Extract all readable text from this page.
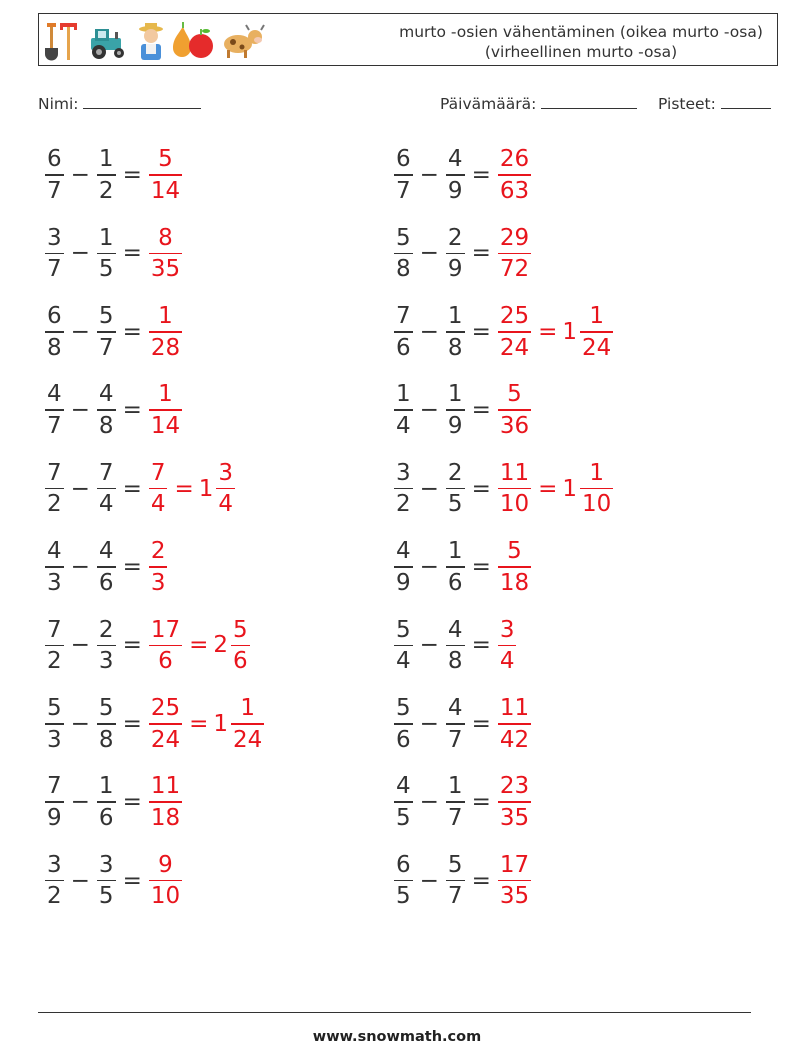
murto -osien vähentäminen (oikea murto -osa) (virheellinen murto -osa)
Nimi:	Päivämäärä:	Pisteet:
$\frac{6}{7} - \frac{1}{2} = \frac{5}{14}$
$\frac{3}{7} - \frac{1}{5} = \frac{8}{35}$
$\frac{6}{8} - \frac{5}{7} = \frac{1}{28}$
$\frac{4}{7} - \frac{4}{8} = \frac{1}{14}$
$\frac{7}{2} - \frac{7}{4} = \frac{7}{4} = 1 \frac{3}{4}$
$\frac{4}{3} - \frac{4}{6} = \frac{2}{3}$
$\frac{7}{2} - \frac{2}{3} = \frac{17}{6} = 2 \frac{5}{6}$
$\frac{5}{3} - \frac{5}{8} = \frac{25}{24} = 1 \frac{1}{24}$
$\frac{7}{9} - \frac{1}{6} = \frac{11}{18}$
$\frac{3}{2} - \frac{3}{5} = \frac{9}{10}$
$\frac{6}{7} - \frac{4}{9} = \frac{26}{63}$
$\frac{5}{8} - \frac{2}{9} = \frac{29}{72}$
$\frac{7}{6} - \frac{1}{8} = \frac{25}{24} = 1 \frac{1}{24}$
$\frac{1}{4} - \frac{1}{9} = \frac{5}{36}$
$\frac{3}{2} - \frac{2}{5} = \frac{11}{10} = 1 \frac{1}{10}$
$\frac{4}{9} - \frac{1}{6} = \frac{5}{18}$
$\frac{5}{4} - \frac{4}{8} = \frac{3}{4}$
$\frac{5}{6} - \frac{4}{7} = \frac{11}{42}$
$\frac{4}{5} - \frac{1}{7} = \frac{23}{35}$
$\frac{6}{5} - \frac{5}{7} = \frac{17}{35}$
www.snowmath.com
